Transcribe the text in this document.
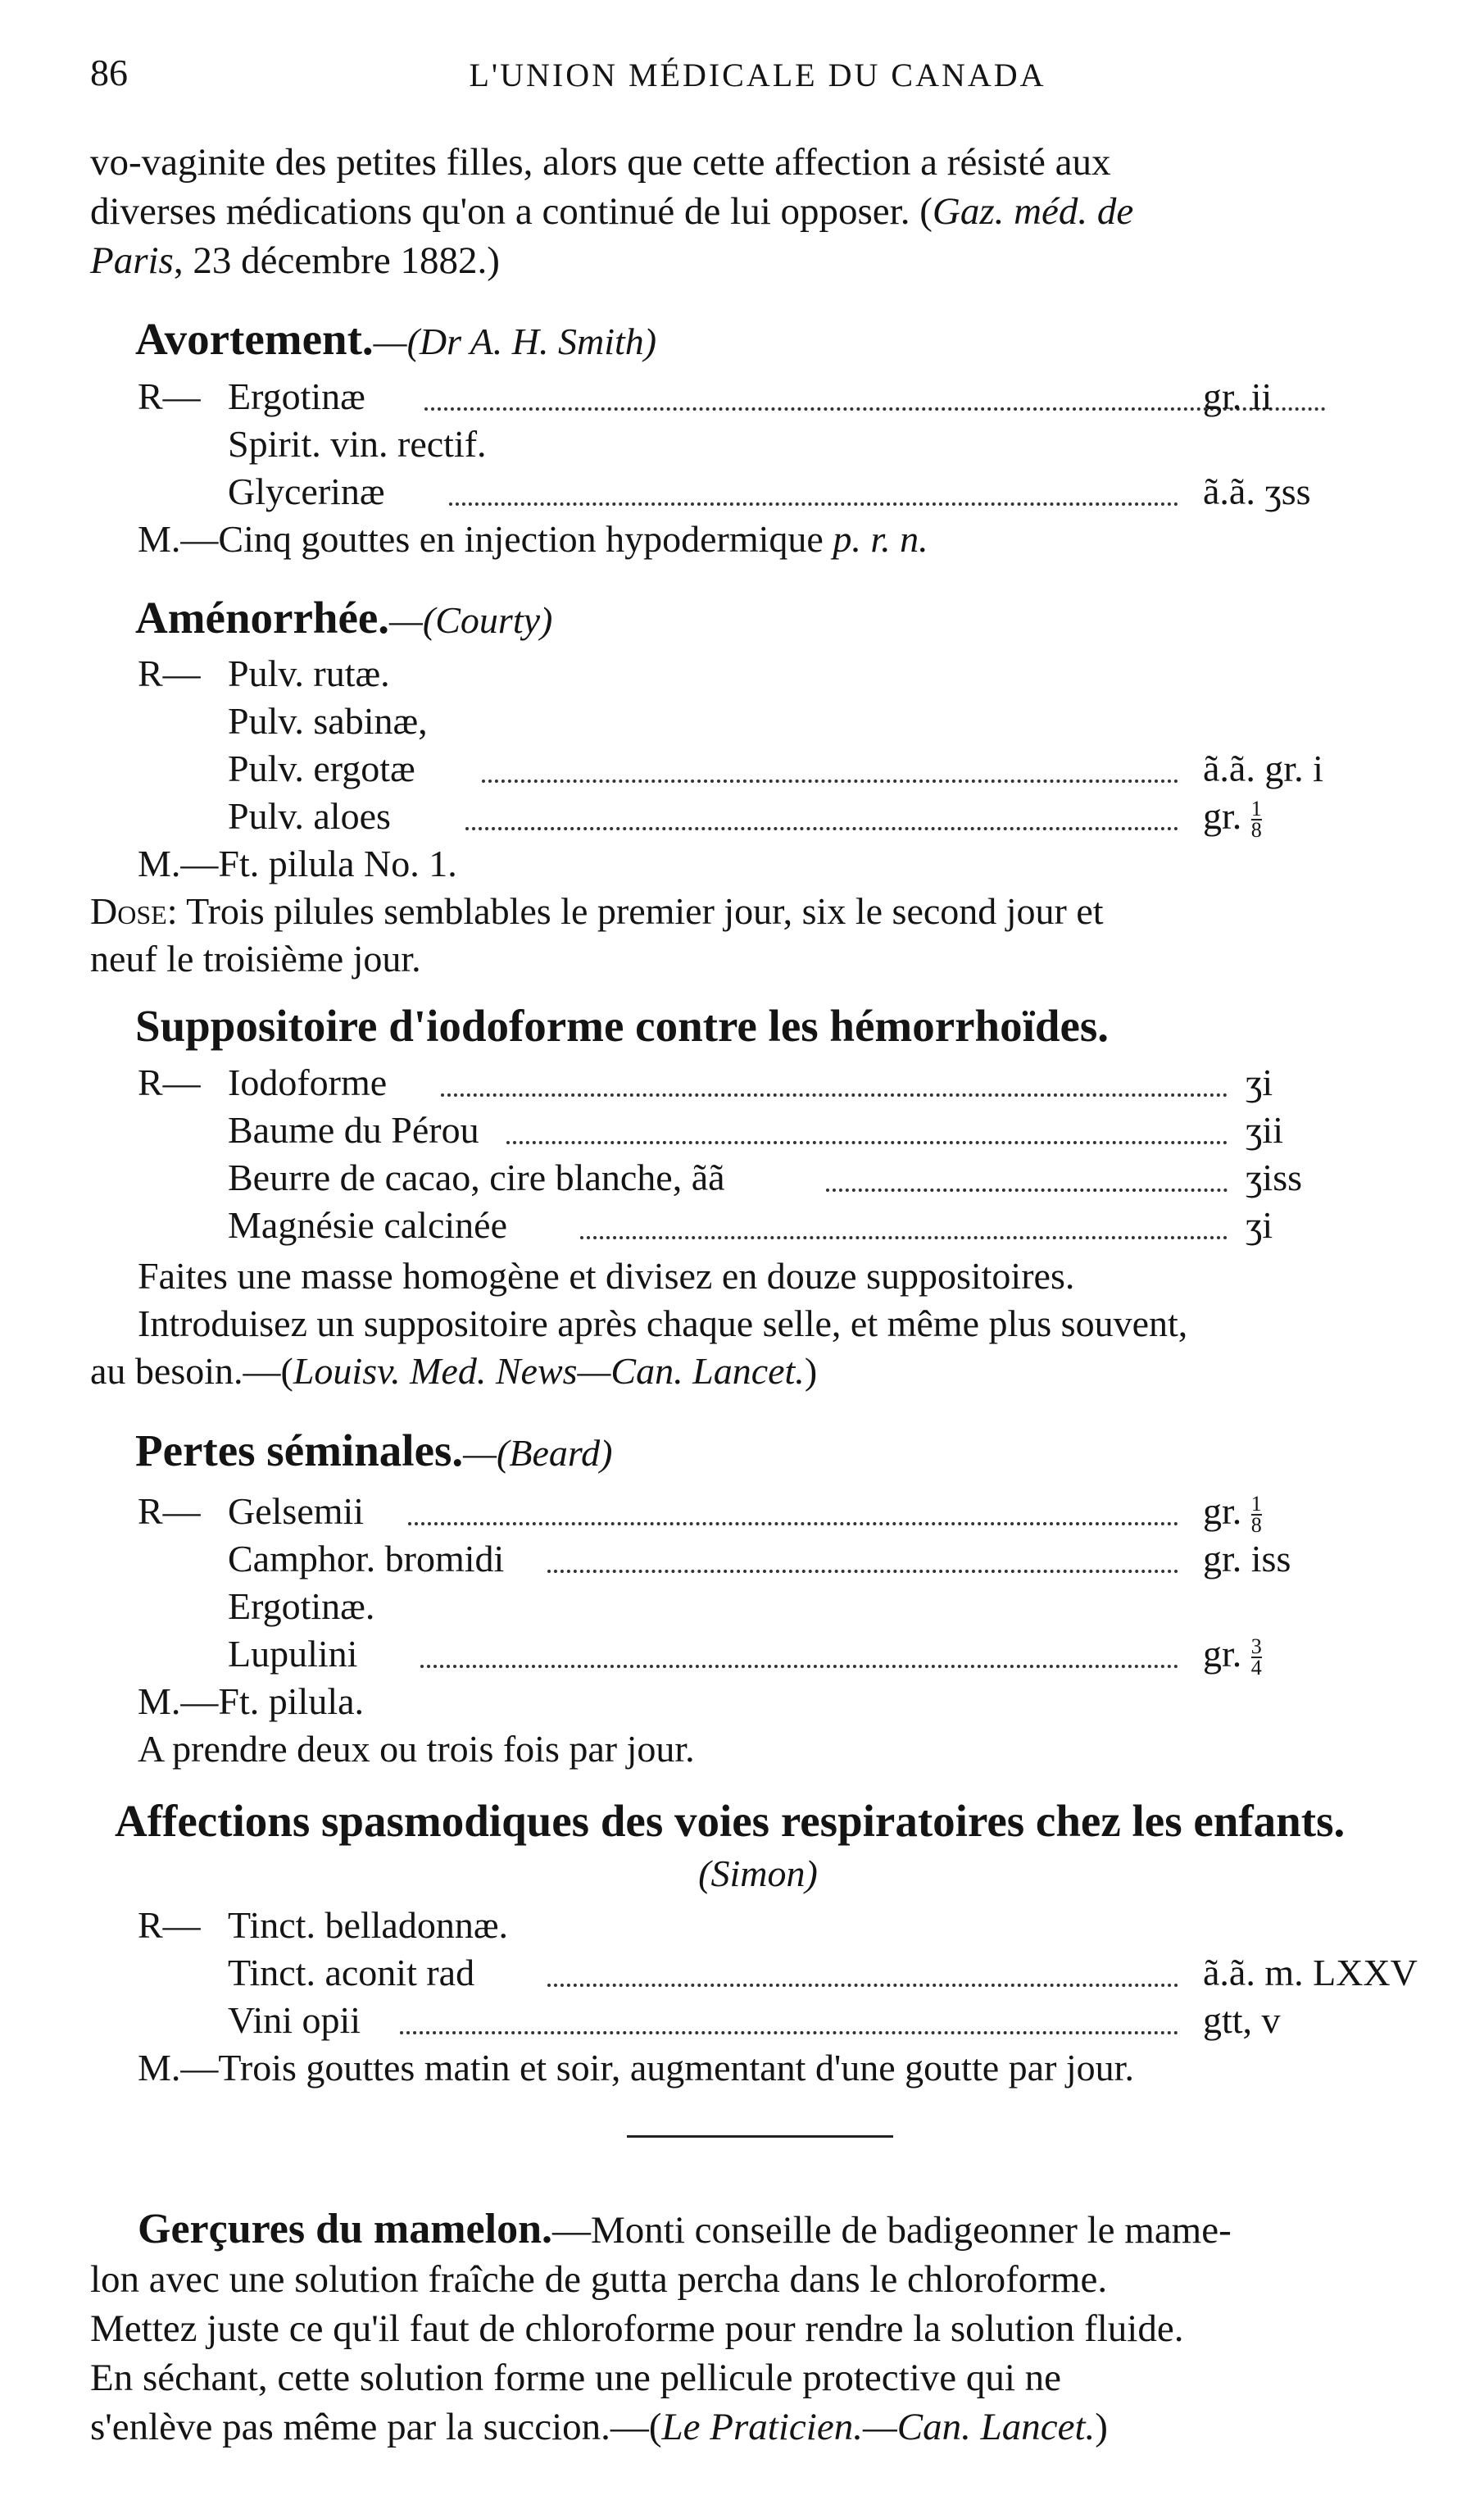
86	L'UNION MÉDICALE DU CANADA
vo-vaginite des petites filles, alors que cette affection a résisté aux
diverses médications qu'on a continué de lui opposer. (Gaz. méd. de
Paris, 23 décembre 1882.)
Avortement.—(Dr A. H. Smith)
R— Ergotinæ	gr. ii
Spirit. vin. rectif.
Glycerinæ	ã.ã. ʒss
M.—Cinq gouttes en injection hypodermique p. r. n.
Aménorrhée.—(Courty)
R— Pulv. rutæ.
Pulv. sabinæ,
Pulv. ergotæ	ã.ã. gr. i
Pulv. aloes	gr. $\frac{1}{8}$
M.—Ft. pilula No. 1.
Dose: Trois pilules semblables le premier jour, six le second jour et
neuf le troisième jour.
Suppositoire d'iodoforme contre les hémorrhoïdes.
R— Iodoforme	ʒi
Baume du Pérou	ʒii
Beurre de cacao, cire blanche, ãã	ʒiss
Magnésie calcinée	ʒi
Faites une masse homogène et divisez en douze suppositoires.
Introduisez un suppositoire après chaque selle, et même plus souvent,
au besoin.—(Louisv. Med. News—Can. Lancet.)
Pertes séminales.—(Beard)
R— Gelsemii	gr. $\frac{1}{8}$
Camphor. bromidi	gr. iss
Ergotinæ.
Lupulini	gr. $\frac{3}{4}$
M.—Ft. pilula.
A prendre deux ou trois fois par jour.
Affections spasmodiques des voies respiratoires chez les enfants.
(Simon)
R— Tinct. belladonnæ.
Tinct. aconit rad	ã.ã. m. LXXV
Vini opii	gtt, v
M.—Trois gouttes matin et soir, augmentant d'une goutte par jour.
Gerçures du mamelon.—Monti conseille de badigeonner le mame-
lon avec une solution fraîche de gutta percha dans le chloroforme.
Mettez juste ce qu'il faut de chloroforme pour rendre la solution fluide.
En séchant, cette solution forme une pellicule protective qui ne
s'enlève pas même par la succion.—(Le Praticien.—Can. Lancet.)
